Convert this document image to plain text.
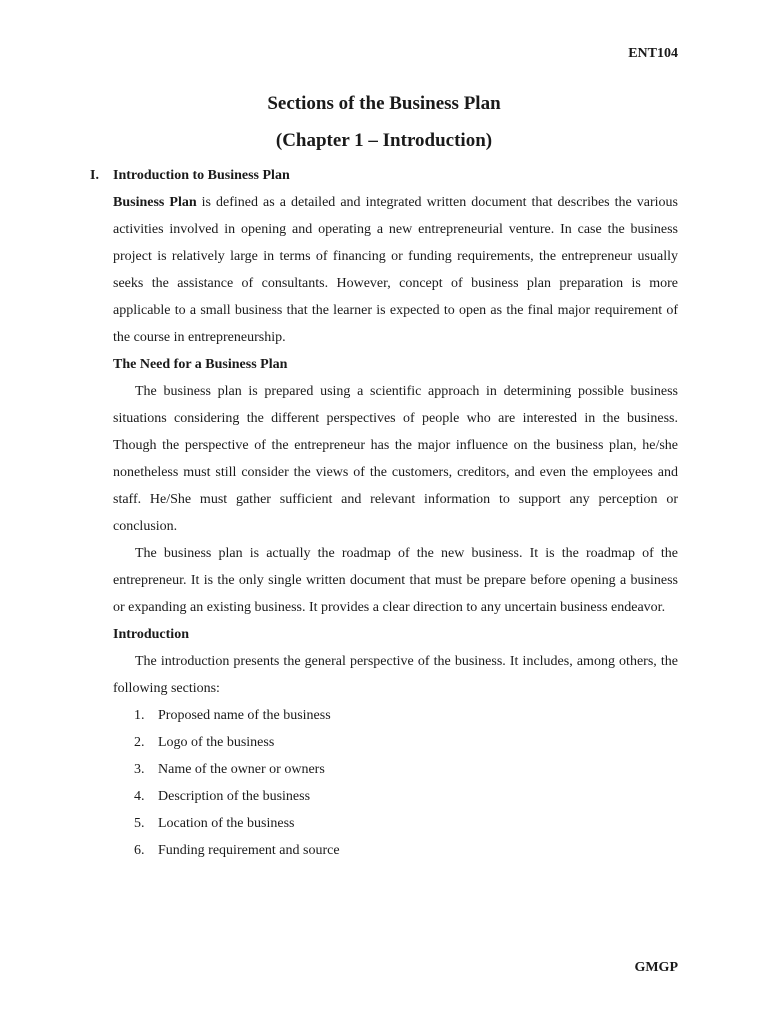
ENT104
Sections of the Business Plan
(Chapter 1 – Introduction)
I. Introduction to Business Plan

Business Plan is defined as a detailed and integrated written document that describes the various activities involved in opening and operating a new entrepreneurial venture. In case the business project is relatively large in terms of financing or funding requirements, the entrepreneur usually seeks the assistance of consultants. However, concept of business plan preparation is more applicable to a small business that the learner is expected to open as the final major requirement of the course in entrepreneurship.

The Need for a Business Plan

The business plan is prepared using a scientific approach in determining possible business situations considering the different perspectives of people who are interested in the business. Though the perspective of the entrepreneur has the major influence on the business plan, he/she nonetheless must still consider the views of the customers, creditors, and even the employees and staff. He/She must gather sufficient and relevant information to support any perception or conclusion.

The business plan is actually the roadmap of the new business. It is the roadmap of the entrepreneur. It is the only single written document that must be prepare before opening a business or expanding an existing business. It provides a clear direction to any uncertain business endeavor.

Introduction

The introduction presents the general perspective of the business. It includes, among others, the following sections:

1. Proposed name of the business
2. Logo of the business
3. Name of the owner or owners
4. Description of the business
5. Location of the business
6. Funding requirement and source
GMGP
